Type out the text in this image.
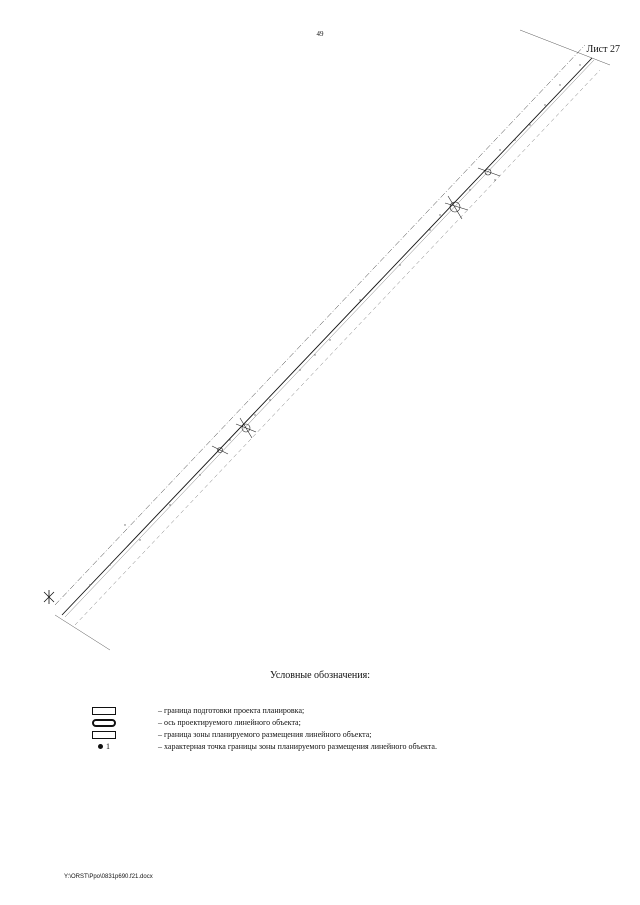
49
Лист 27
Условные обозначения:
– граница подготовки проекта планировка;
– ось проектируемого линейного объекта;
– граница зоны планируемого размещения линейного объекта;
1	– характерная точка границы зоны планируемого размещения линейного объекта.
Y:\ORST\Ppo\0831p690.f21.docx
